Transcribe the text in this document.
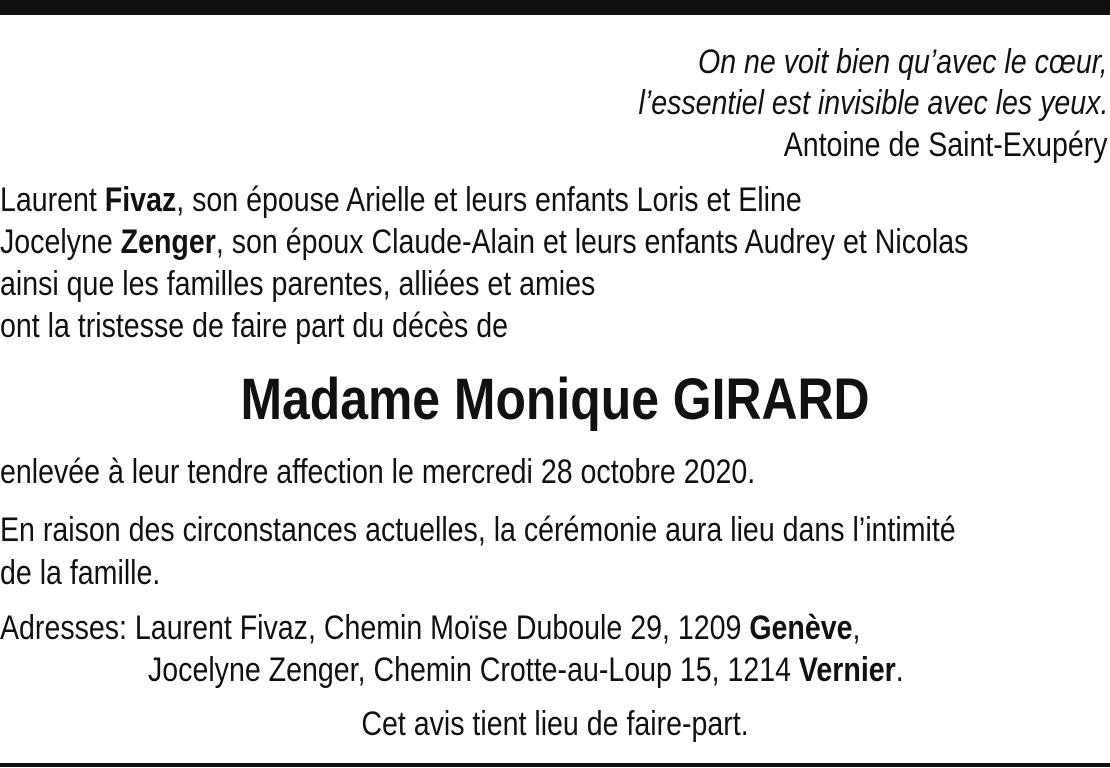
On ne voit bien qu’avec le cœur,
l’essentiel est invisible avec les yeux.
Antoine de Saint-Exupéry
Laurent Fivaz, son épouse Arielle et leurs enfants Loris et Eline
Jocelyne Zenger, son époux Claude-Alain et leurs enfants Audrey et Nicolas
ainsi que les familles parentes, alliées et amies
ont la tristesse de faire part du décès de
Madame Monique GIRARD
enlevée à leur tendre affection le mercredi 28 octobre 2020.
En raison des circonstances actuelles, la cérémonie aura lieu dans l’intimité
de la famille.
Adresses: Laurent Fivaz, Chemin Moïse Duboule 29, 1209 Genève,
Jocelyne Zenger, Chemin Crotte-au-Loup 15, 1214 Vernier.
Cet avis tient lieu de faire-part.
